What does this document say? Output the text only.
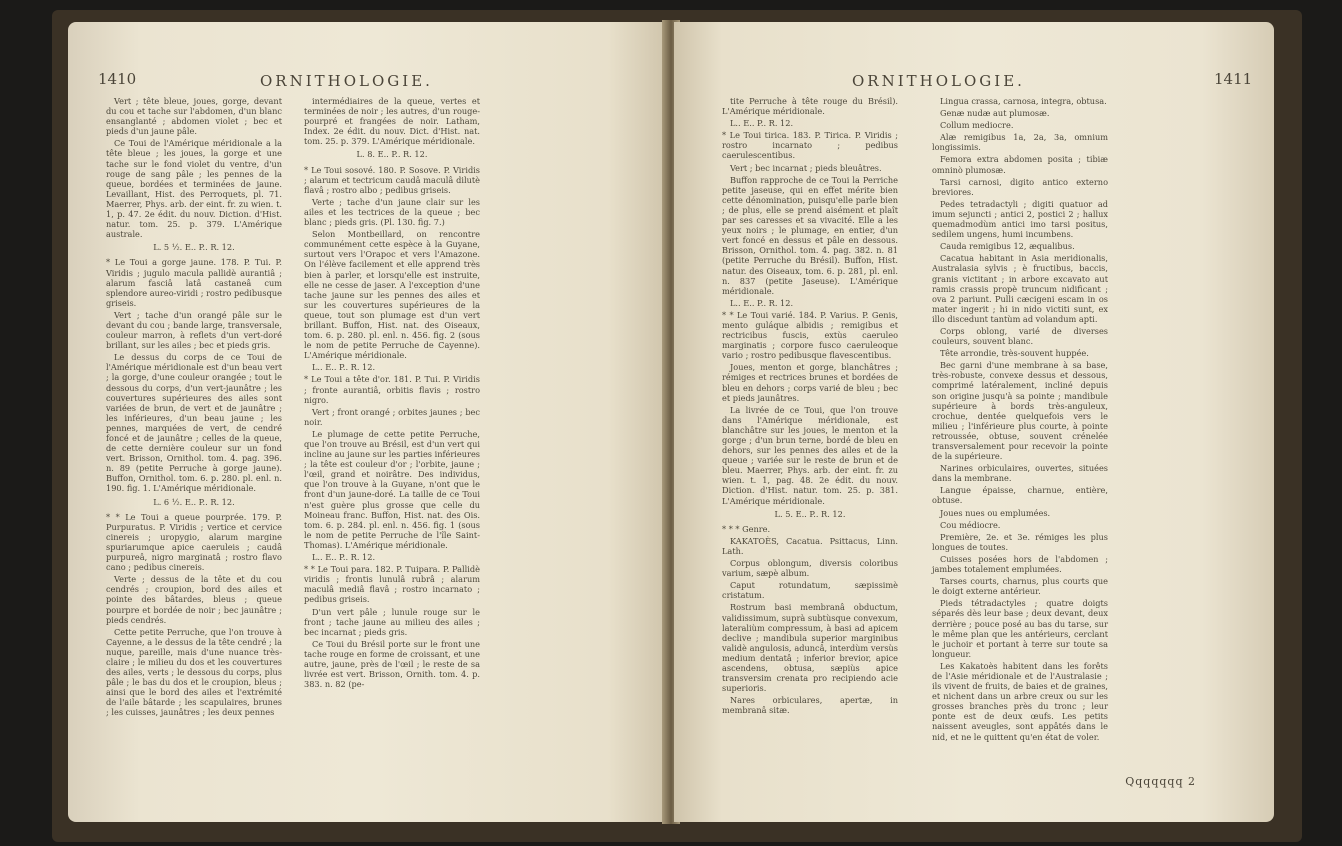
1410	ORNITHOLOGIE.

Vert ; tête bleue, joues, gorge, devant du cou et tache sur l'abdomen, d'un blanc ensanglanté ; abdomen violet ; bec et pieds d'un jaune pâle.

Ce Toui de l'Amérique méridionale a la tête bleue ; les joues, la gorge et une tache sur le fond violet du ventre, d'un rouge de sang pâle ; les pennes de la queue, bordées et terminées de jaune. Levaillant, Hist. des Perroquets, pl. 71. Maerrer, Phys. arb. der eint. fr. zu wien. t. 1, p. 47. 2e édit. du nouv. Diction. d'Hist. natur. tom. 25. p. 379. L'Amérique australe.

L. 5 ½. E.. P.. R. 12.

* Le Toui a gorge jaune. 178. P. Tui. P. Viridis ; jugulo macula pallidè aurantiâ ; alarum fasciâ latâ castaneâ cum splendore aureo-viridi ; rostro pedibusque griseis.

Vert ; tache d'un orangé pâle sur le devant du cou ; bande large, transversale, couleur marron, à reflets d'un vert-doré brillant, sur les ailes ; bec et pieds gris.

Le dessus du corps de ce Toui de l'Amérique méridionale est d'un beau vert ; la gorge, d'une couleur orangée ; tout le dessous du corps, d'un vert-jaunâtre ; les couvertures supérieures des ailes sont variées de brun, de vert et de jaunâtre ; les inférieures, d'un beau jaune ; les pennes, marquées de vert, de cendré foncé et de jaunâtre ; celles de la queue, de cette dernière couleur sur un fond vert. Brisson, Ornithol. tom. 4. pag. 396. n. 89 (petite Perruche à gorge jaune). Buffon, Ornithol. tom. 6. p. 280. pl. enl. n. 190. fig. 1. L'Amérique méridionale.

L. 6 ½. E.. P.. R. 12.

* * Le Toui a queue pourprée. 179. P. Purpuratus. P. Viridis ; vertice et cervice cinereis ; uropygio, alarum margine spuriarumque apice caeruleis ; caudâ purpureâ, nigro marginatâ ; rostro flavo cano ; pedibus cinereis.

Verte ; dessus de la tête et du cou cendrés ; croupion, bord des ailes et pointe des bâtardes, bleus ; queue pourpre et bordée de noir ; bec jaunâtre ; pieds cendrés.

Cette petite Perruche, que l'on trouve à Cayenne, a le dessus de la tête cendré ; la nuque, pareille, mais d'une nuance très-claire ; le milieu du dos et les couvertures des ailes, verts ; le dessous du corps, plus pâle ; le bas du dos et le croupion, bleus ; ainsi que le bord des ailes et l'extrémité de l'aile bâtarde ; les scapulaires, brunes ; les cuisses, jaunâtres ; les deux pennes

intermédiaires de la queue, vertes et terminées de noir ; les autres, d'un rouge-pourpré et frangées de noir. Latham, Index. 2e édit. du nouv. Dict. d'Hist. nat. tom. 25. p. 379. L'Amérique méridionale.

L. 8. E.. P.. R. 12.

* Le Toui sosové. 180. P. Sosove. P. Viridis ; alarum et tectricum caudâ maculâ dilutè flavâ ; rostro albo ; pedibus griseis.

Verte ; tache d'un jaune clair sur les ailes et les tectrices de la queue ; bec blanc ; pieds gris. (Pl. 130. fig. 7.)

Selon Montbeillard, on rencontre communément cette espèce à la Guyane, surtout vers l'Orapoc et vers l'Amazone. On l'élève facilement et elle apprend très bien à parler, et lorsqu'elle est instruite, elle ne cesse de jaser. A l'exception d'une tache jaune sur les pennes des ailes et sur les couvertures supérieures de la queue, tout son plumage est d'un vert brillant. Buffon, Hist. nat. des Oiseaux, tom. 6. p. 280. pl. enl. n. 456. fig. 2 (sous le nom de petite Perruche de Cayenne). L'Amérique méridionale.

L.. E.. P.. R. 12.

* Le Toui a tête d'or. 181. P. Tui. P. Viridis ; fronte aurantiâ, orbitis flavis ; rostro nigro.

Vert ; front orangé ; orbites jaunes ; bec noir.

Le plumage de cette petite Perruche, que l'on trouve au Brésil, est d'un vert qui incline au jaune sur les parties inférieures ; la tête est couleur d'or ; l'orbite, jaune ; l'œil, grand et noirâtre. Des individus, que l'on trouve à la Guyane, n'ont que le front d'un jaune-doré. La taille de ce Toui n'est guère plus grosse que celle du Moineau franc. Buffon, Hist. nat. des Ois. tom. 6. p. 284. pl. enl. n. 456. fig. 1 (sous le nom de petite Perruche de l'île Saint-Thomas). L'Amérique méridionale.

L.. E.. P.. R. 12.

* * Le Toui para. 182. P. Tuipara. P. Pallidè viridis ; frontis lunulâ rubrâ ; alarum maculâ mediâ flavâ ; rostro incarnato ; pedibus griseis.

D'un vert pâle ; lunule rouge sur le front ; tache jaune au milieu des ailes ; bec incarnat ; pieds gris.

Ce Toui du Brésil porte sur le front une tache rouge en forme de croissant, et une autre, jaune, près de l'œil ; le reste de sa livrée est vert. Brisson, Ornith. tom. 4. p. 383. n. 82 (pe-

ORNITHOLOGIE.	1411

tite Perruche à tête rouge du Brésil). L'Amérique méridionale.

L.. E.. P.. R. 12.

* Le Toui tirica. 183. P. Tirica. P. Viridis ; rostro incarnato ; pedibus caerulescentibus.

Vert ; bec incarnat ; pieds bleuâtres.

Buffon rapproche de ce Toui la Perriche petite jaseuse, qui en effet mérite bien cette dénomination, puisqu'elle parle bien ; de plus, elle se prend aisément et plaît par ses caresses et sa vivacité. Elle a les yeux noirs ; le plumage, en entier, d'un vert foncé en dessus et pâle en dessous. Brisson, Ornithol. tom. 4. pag. 382. n. 81 (petite Perruche du Brésil). Buffon, Hist. natur. des Oiseaux, tom. 6. p. 281, pl. enl. n. 837 (petite Jaseuse). L'Amérique méridionale.

L.. E.. P.. R. 12.

* * Le Toui varié. 184. P. Varius. P. Genis, mento guláque albidis ; remigibus et rectricibus fuscis, extùs caeruleo marginatis ; corpore fusco caeruleoque vario ; rostro pedibusque flavescentibus.

Joues, menton et gorge, blanchâtres ; rémiges et rectrices brunes et bordées de bleu en dehors ; corps varié de bleu ; bec et pieds jaunâtres.

La livrée de ce Toui, que l'on trouve dans l'Amérique méridionale, est blanchâtre sur les joues, le menton et la gorge ; d'un brun terne, bordé de bleu en dehors, sur les pennes des ailes et de la queue ; variée sur le reste de brun et de bleu. Maerrer, Phys. arb. der eint. fr. zu wien. t. 1, pag. 48. 2e édit. du nouv. Diction. d'Hist. natur. tom. 25. p. 381. L'Amérique méridionale.

L. 5. E.. P.. R. 12.

* * * Genre.

KAKATOÈS, Cacatua. Psittacus, Linn. Lath.

Corpus oblongum, diversis coloribus varium, sæpè album.

Caput rotundatum, sæpissimè cristatum.

Rostrum basi membranâ obductum, validissimum, suprà subtùsque convexum, lateraliùm compressum, à basi ad apicem declive ; mandibula superior marginibus validè angulosis, aduncâ, interdùm versùs medium dentatâ ; inferior brevior, apice ascendens, obtusa, sæpiùs apice transversim crenata pro recipiendo acie superioris.

Nares orbiculares, apertæ, in membranâ sitæ.

Lingua crassa, carnosa, integra, obtusa.

Genæ nudæ aut plumosæ.

Collum mediocre.

Alæ remigibus 1a, 2a, 3a, omnium longissimis.

Femora extra abdomen posita ; tibiæ omninò plumosæ.

Tarsi carnosi, digito antico externo breviores.

Pedes tetradactyli ; digiti quatuor ad imum sejuncti ; antici 2, postici 2 ; hallux quemadmodùm antici imo tarsi positus, sedilem ungens, humi incumbens.

Cauda remigibus 12, æqualibus.

Cacatua habitant in Asia meridionalis, Australasia sylvis ; è fructibus, baccis, granis victitant ; in arbore excavato aut ramis crassis propè truncum nidificant ; ova 2 pariunt. Pulli cæcigeni escam in os mater ingerit ; hi in nido victiti sunt, ex illo discedunt tantùm ad volandum apti.

Corps oblong, varié de diverses couleurs, souvent blanc.

Tête arrondie, très-souvent huppée.

Bec garni d'une membrane à sa base, très-robuste, convexe dessus et dessous, comprimé latéralement, incliné depuis son origine jusqu'à sa pointe ; mandibule supérieure à bords très-anguleux, crochue, dentée quelquefois vers le milieu ; l'inférieure plus courte, à pointe retroussée, obtuse, souvent crénelée transversalement pour recevoir la pointe de la supérieure.

Narines orbiculaires, ouvertes, situées dans la membrane.

Langue épaisse, charnue, entière, obtuse.

Joues nues ou emplumées.

Cou médiocre.

Première, 2e. et 3e. rémiges les plus longues de toutes.

Cuisses posées hors de l'abdomen ; jambes totalement emplumées.

Tarses courts, charnus, plus courts que le doigt externe antérieur.

Pieds tétradactyles ; quatre doigts séparés dès leur base ; deux devant, deux derrière ; pouce posé au bas du tarse, sur le même plan que les antérieurs, cerclant le juchoir et portant à terre sur toute sa longueur.

Les Kakatoès habitent dans les forêts de l'Asie méridionale et de l'Australasie ; ils vivent de fruits, de baies et de graines, et nichent dans un arbre creux ou sur les grosses branches près du tronc ; leur ponte est de deux œufs. Les petits naissent aveugles, sont appâtés dans le nid, et ne le quittent qu'en état de voler.

Qqqqqqq 2
